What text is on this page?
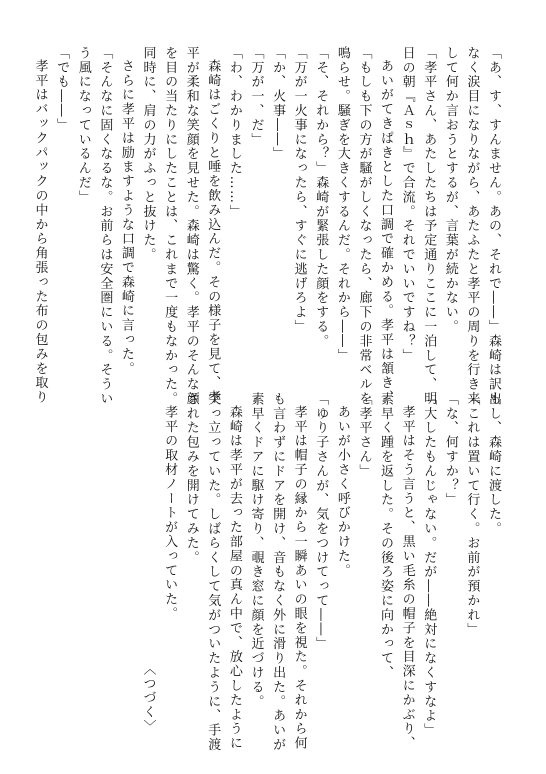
「あ、す、すんません。あの、それで――」森崎は訳も
なく涙目になりながら、あたふたと孝平の周りを行き来
して何か言おうとするが、言葉が続かない。
「孝平さん、あたしたちは予定通りここに一泊して、明
日の朝『Ａｓｈ』で合流。それでいいですね？」
あいがてきぱきとした口調で確かめる。孝平は頷き、
「もしも下の方が騒がしくなったら、廊下の非常ベルを
鳴らせ。騒ぎを大きくするんだ。それから――」
「そ、それから？」森崎が緊張した顔をする。
「万が一火事になったら、すぐに逃げろよ」
「か、火事――」
「万が一、だ」
「わ、わかりました……」
森崎はごくりと唾を飲み込んだ。その様子を見て、孝
平が柔和な笑顔を見せた。森崎は驚く。孝平のそんな顔
を目の当たりにしたことは、これまで一度もなかった。
同時に、肩の力がふっと抜けた。
さらに孝平は励ますような口調で森崎に言った。
「そんなに固くなるな。お前らは安全圏にいる。そうい
う風になっているんだ」
「でも――」
孝平はバックパックの中から角張った布の包みを取り
出し、森崎に渡した。
「これは置いて行く。お前が預かれ」
「な、何すか？」
「大したもんじゃない。だが――絶対になくすなよ」
孝平はそう言うと、黒い毛糸の帽子を目深にかぶり、
素早く踵を返した。その後ろ姿に向かって、
「孝平さん」
あいが小さく呼びかけた。
「ゆり子さんが、気をつけてって――」
孝平は帽子の縁から一瞬あいの眼を視た。それから何
も言わずにドアを開け、音もなく外に滑り出た。あいが
素早くドアに駆け寄り、覗き窓に顔を近づける。
森崎は孝平が去った部屋の真ん中で、放心したように
突っ立っていた。しばらくして気がついたように、手渡
された包みを開けてみた。
孝平の取材ノートが入っていた。
〈つづく〉
